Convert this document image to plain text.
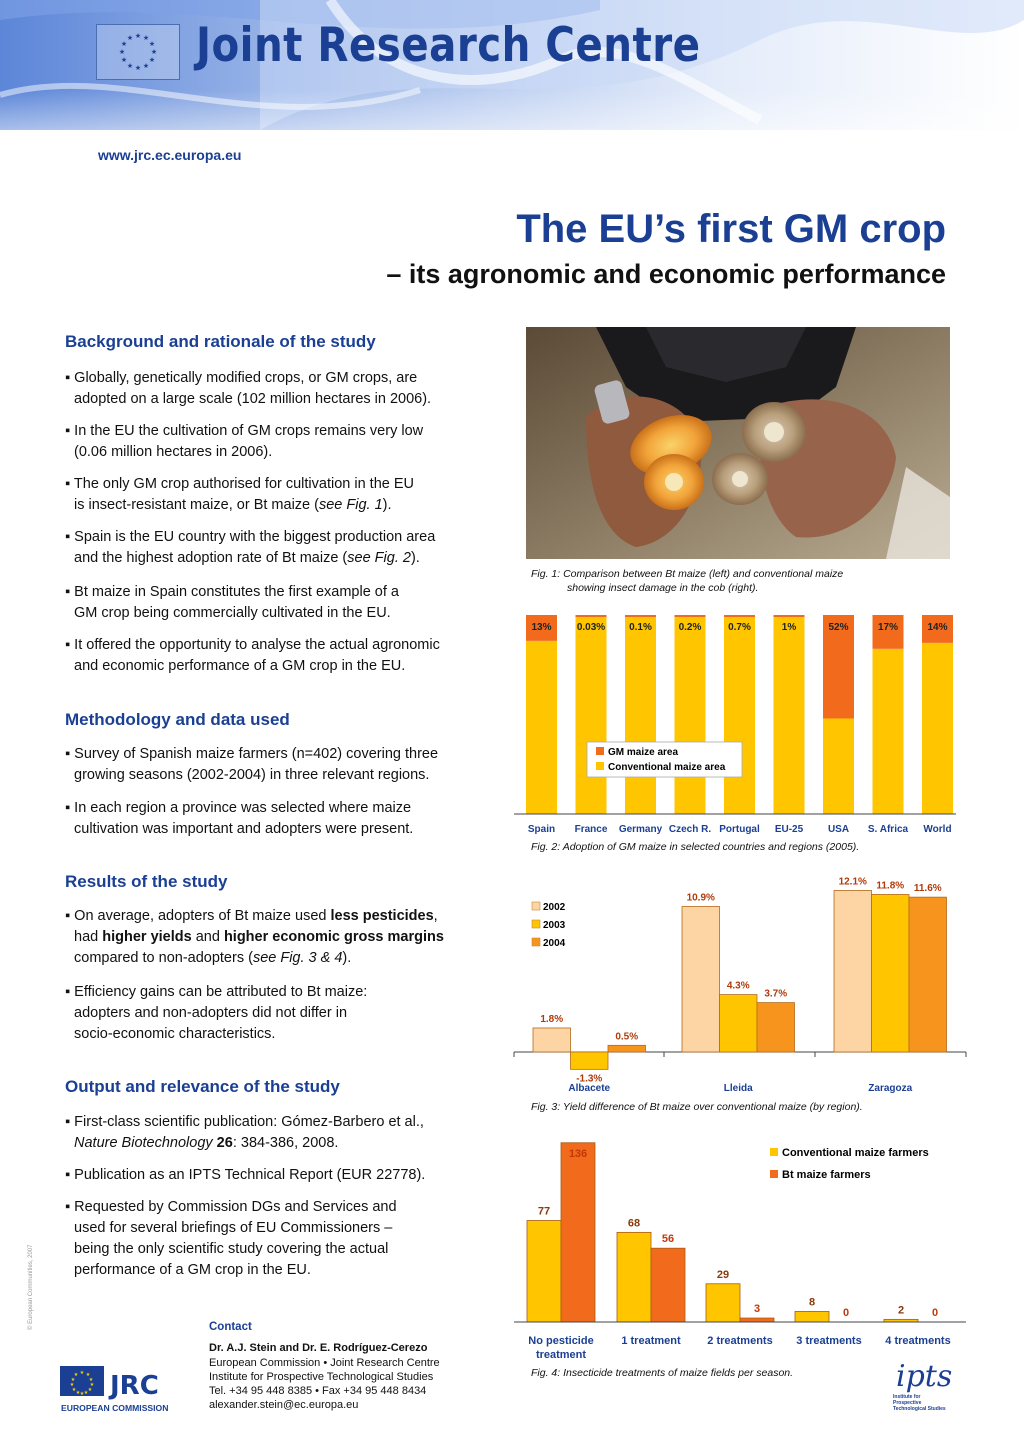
★ ★
★
★
★
★
★
★
★
★
★
★ Joint Research Centre
www.jrc.ec.europa.eu
The EU’s first GM crop
– its agronomic and economic performance
Background and rationale of the study
▪ Globally, genetically modified crops, or GM crops, are
adopted on a large scale (102 million hectares in 2006).
▪ In the EU the cultivation of GM crops remains very low
(0.06 million hectares in 2006).
▪ The only GM crop authorised for cultivation in the EU
is insect-resistant maize, or Bt maize (see Fig. 1).
▪ Spain is the EU country with the biggest production area
and the highest adoption rate of Bt maize (see Fig. 2).
▪ Bt maize in Spain constitutes the first example of a
GM crop being commercially cultivated in the EU.
▪ It offered the opportunity to analyse the actual agronomic
and economic performance of a GM crop in the EU.
Methodology and data used
▪ Survey of Spanish maize farmers (n=402) covering three
growing seasons (2002-2004) in three relevant regions.
▪ In each region a province was selected where maize
cultivation was important and adopters were present.
Results of the study
▪ On average, adopters of Bt maize used less pesticides,
had higher yields and higher economic gross margins
compared to non-adopters (see Fig. 3 & 4).
▪ Efficiency gains can be attributed to Bt maize:
adopters and non-adopters did not differ in
socio-economic characteristics.
Output and relevance of the study
▪ First-class scientific publication: Gómez-Barbero et al.,
Nature Biotechnology 26: 384-386, 2008.
▪ Publication as an IPTS Technical Report (EUR 22778).
▪ Requested by Commission DGs and Services and
used for several briefings of EU Commissioners –
being the only scientific study covering the actual
performance of a GM crop in the EU.
Fig. 1: Comparison between Bt maize (left) and conventional maize
showing insect damage in the cob (right).
13%
Spain
0.03%
France
0.1%
Germany
0.2%
Czech R.
0.7%
Portugal
1%
EU-25
52%
USA
17%
S. Africa
14%
World
GM maize area
Conventional maize area
Fig. 2: Adoption of GM maize in selected countries and regions (2005).
1.8%
-1.3%
0.5%
Albacete
10.9%
4.3%
3.7%
Lleida
12.1% 11.8% 11.6%
Zaragoza
2002
2003
2004
Fig. 3: Yield difference of Bt maize over conventional maize (by region).
77
136
No pesticide
treatment
68
56
1 treatment
29
3
2 treatments
8
0
3 treatments
2	0
4 treatments
Conventional maize farmers
Bt maize farmers
Fig. 4: Insecticide treatments of maize fields per season.
© European Communities, 2007
★ ★
★
★
★
★
★
★
★
★
★
★ JRC
EUROPEAN COMMISSION
Contact
Dr. A.J. Stein and Dr. E. Rodríguez-Cerezo
European Commission • Joint Research Centre
Institute for Prospective Technological Studies
Tel. +34 95 448 8385 • Fax +34 95 448 8434
alexander.stein@ec.europa.eu
ipts
Institute for
Prospective
Technological Studies
